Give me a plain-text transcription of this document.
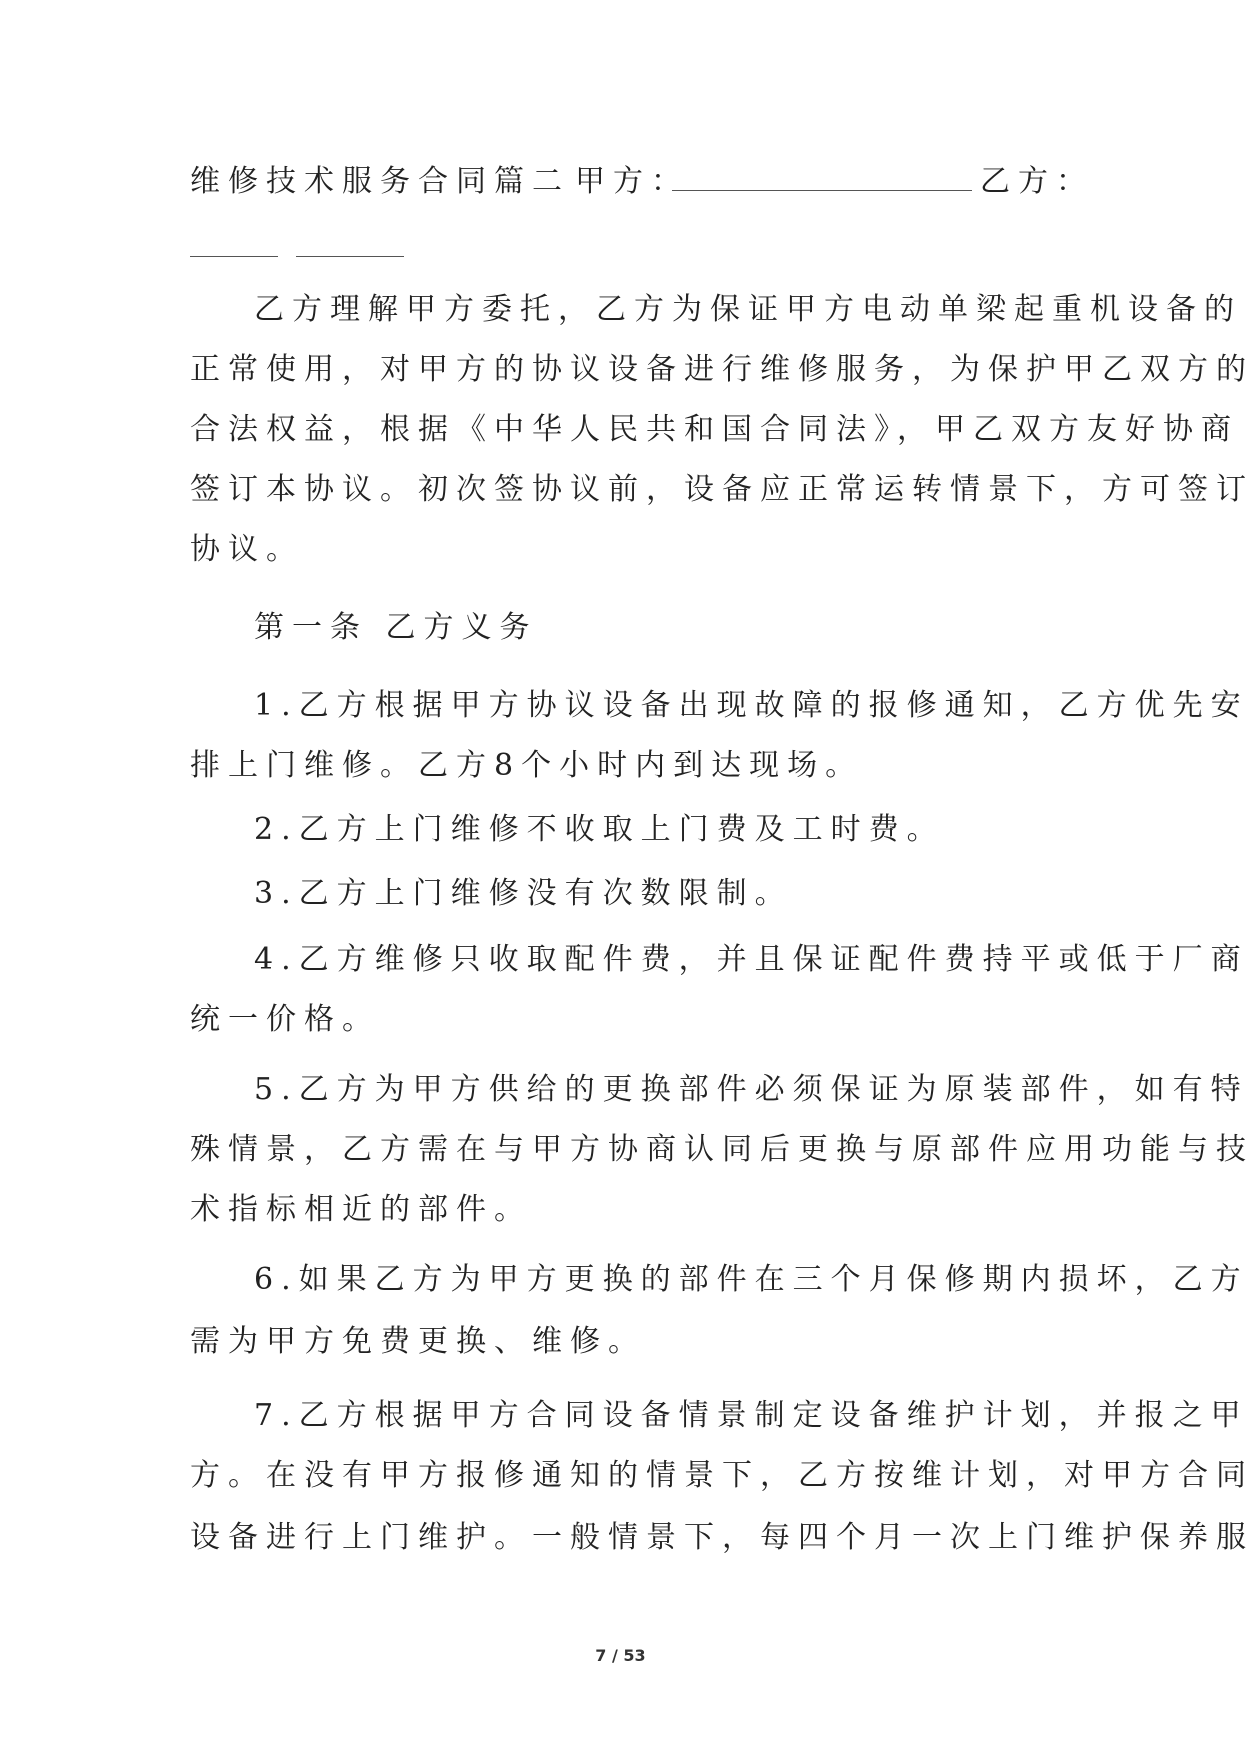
维修技术服务合同篇二 甲方：	乙方：
乙方理解甲方委托，乙方为保证甲方电动单梁起重机设备的
正常使用，对甲方的协议设备进行维修服务，为保护甲乙双方的
合法权益，根据《中华人民共和国合同法》，甲乙双方友好协商
签订本协议。初次签协议前，设备应正常运转情景下，方可签订
协议。
第一条 乙方义务
1.乙方根据甲方协议设备出现故障的报修通知，乙方优先安
排上门维修。乙方8个小时内到达现场。
2.乙方上门维修不收取上门费及工时费。
3.乙方上门维修没有次数限制。
4.乙方维修只收取配件费，并且保证配件费持平或低于厂商
统一价格。
5.乙方为甲方供给的更换部件必须保证为原装部件，如有特
殊情景，乙方需在与甲方协商认同后更换与原部件应用功能与技
术指标相近的部件。
6.如果乙方为甲方更换的部件在三个月保修期内损坏，乙方
需为甲方免费更换、维修。
7.乙方根据甲方合同设备情景制定设备维护计划，并报之甲
方。在没有甲方报修通知的情景下，乙方按维计划，对甲方合同
设备进行上门维护。一般情景下，每四个月一次上门维护保养服
7 / 53
